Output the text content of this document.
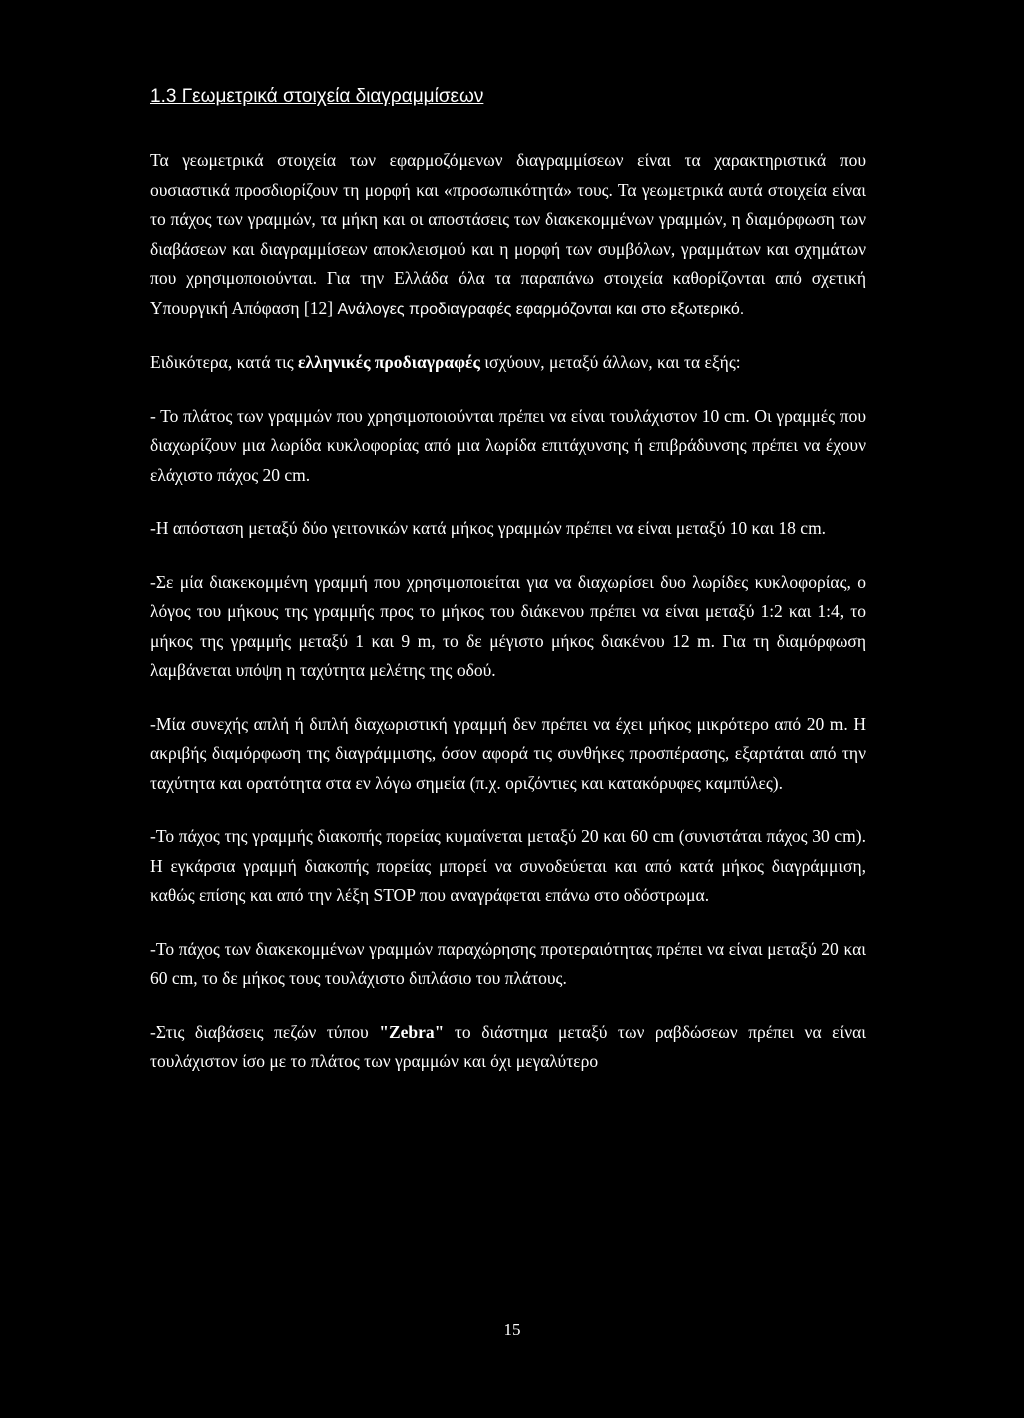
1.3 Γεωμετρικά στοιχεία διαγραμμίσεων

Τα γεωμετρικά στοιχεία των εφαρμοζόμενων διαγραμμίσεων είναι τα χαρακτηριστικά που ουσιαστικά προσδιορίζουν τη μορφή και «προσωπικότητά» τους. Τα γεωμετρικά αυτά στοιχεία είναι το πάχος των γραμμών, τα μήκη και οι αποστάσεις των διακεκομμένων γραμμών, η διαμόρφωση των διαβάσεων και διαγραμμίσεων αποκλεισμού και η μορφή των συμβόλων, γραμμάτων και σχημάτων που χρησιμοποιούνται. Για την Ελλάδα όλα τα παραπάνω στοιχεία καθορίζονται από σχετική Υπουργική Απόφαση [12] Ανάλογες προδιαγραφές εφαρμόζονται και στο εξωτερικό.

Ειδικότερα, κατά τις ελληνικές προδιαγραφές ισχύουν, μεταξύ άλλων, και τα εξής:

- Το πλάτος των γραμμών που χρησιμοποιούνται πρέπει να είναι τουλάχιστον 10 cm. Οι γραμμές που διαχωρίζουν μια λωρίδα κυκλοφορίας από μια λωρίδα επιτάχυνσης ή επιβράδυνσης πρέπει να έχουν ελάχιστο πάχος 20 cm.

-Η απόσταση μεταξύ δύο γειτονικών κατά μήκος γραμμών πρέπει να είναι μεταξύ 10 και 18 cm.

-Σε μία διακεκομμένη γραμμή που χρησιμοποιείται για να διαχωρίσει δυο λωρίδες κυκλοφορίας, ο λόγος του μήκους της γραμμής προς το μήκος του διάκενου πρέπει να είναι μεταξύ 1:2 και 1:4, το μήκος της γραμμής μεταξύ 1 και 9 m, το δε μέγιστο μήκος διακένου 12 m. Για τη διαμόρφωση λαμβάνεται υπόψη η ταχύτητα μελέτης της οδού.

-Μία συνεχής απλή ή διπλή διαχωριστική γραμμή δεν πρέπει να έχει μήκος μικρότερο από 20 m. Η ακριβής διαμόρφωση της διαγράμμισης, όσον αφορά τις συνθήκες προσπέρασης, εξαρτάται από την ταχύτητα και ορατότητα στα εν λόγω σημεία (π.χ. οριζόντιες και κατακόρυφες καμπύλες).

-Το πάχος της γραμμής διακοπής πορείας κυμαίνεται μεταξύ 20 και 60 cm (συνιστάται πάχος 30 cm). Η εγκάρσια γραμμή διακοπής πορείας μπορεί να συνοδεύεται και από κατά μήκος διαγράμμιση, καθώς επίσης και από την λέξη STOP που αναγράφεται επάνω στο οδόστρωμα.

-Το πάχος των διακεκομμένων γραμμών παραχώρησης προτεραιότητας πρέπει να είναι μεταξύ 20 και 60 cm, το δε μήκος τους τουλάχιστο διπλάσιο του πλάτους.

-Στις διαβάσεις πεζών τύπου "Zebra" το διάστημα μεταξύ των ραβδώσεων πρέπει να είναι τουλάχιστον ίσο με το πλάτος των γραμμών και όχι μεγαλύτερο

15
